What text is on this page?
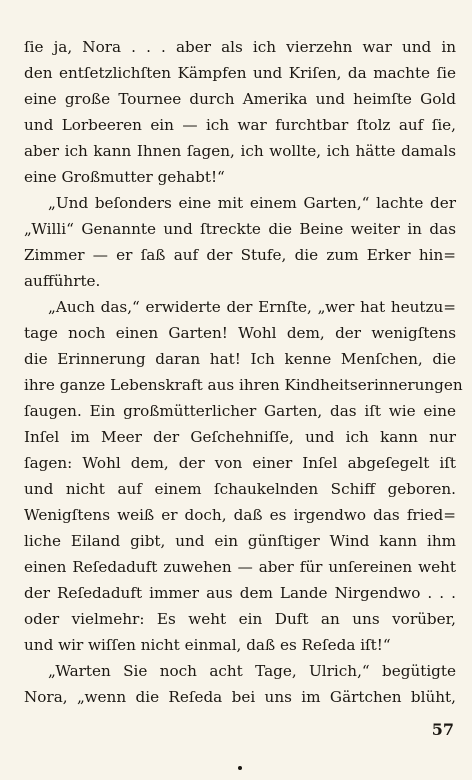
ſie ja, Nora . . . aber als ich vierzehn war und in
den entſetzlichſten Kämpfen und Kriſen, da machte ſie
eine große Tournee durch Amerika und heimſte Gold
und Lorbeeren ein — ich war furchtbar ſtolz auf ſie,
aber ich kann Ihnen ſagen, ich wollte, ich hätte damals
eine Großmutter gehabt!“
„Und beſonders eine mit einem Garten,“ lachte der
„Willi“ Genannte und ſtreckte die Beine weiter in das
Zimmer — er ſaß auf der Stufe, die zum Erker hin=
aufführte.
„Auch das,“ erwiderte der Ernſte, „wer hat heutzu=
tage noch einen Garten! Wohl dem, der wenigſtens
die Erinnerung daran hat! Ich kenne Menſchen, die
ihre ganze Lebenskraft aus ihren Kindheitserinnerungen
ſaugen. Ein großmütterlicher Garten, das iſt wie eine
Inſel im Meer der Geſchehniſſe, und ich kann nur
ſagen: Wohl dem, der von einer Inſel abgeſegelt iſt
und nicht auf einem ſchaukelnden Schiff geboren.
Wenigſtens weiß er doch, daß es irgendwo das fried=
liche Eiland gibt, und ein günſtiger Wind kann ihm
einen Reſedaduft zuwehen — aber für unſereinen weht
der Reſedaduft immer aus dem Lande Nirgendwo . . .
oder vielmehr: Es weht ein Duft an uns vorüber,
und wir wiſſen nicht einmal, daß es Reſeda iſt!“
„Warten Sie noch acht Tage, Ulrich,“ begütigte
Nora, „wenn die Reſeda bei uns im Gärtchen blüht,
57
